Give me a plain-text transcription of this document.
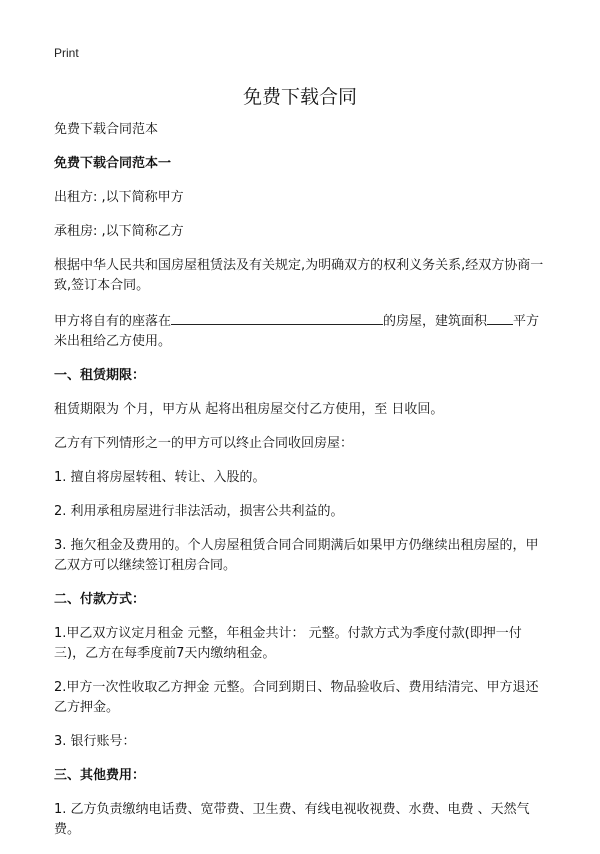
Print
免费下载合同

免费下载合同范本

免费下载合同范本一

出租方: ,以下简称甲方

承租房: ,以下简称乙方

根据中华人民共和国房屋租赁法及有关规定,为明确双方的权利义务关系,经双方协商一致,签订本合同。

甲方将自有的座落在	的房屋，建筑面积 平方米出租给乙方使用。

一、租赁期限：

租赁期限为 个月，甲方从 起将出租房屋交付乙方使用，至 日收回。

乙方有下列情形之一的甲方可以终止合同收回房屋：

1. 擅自将房屋转租、转让、入股的。

2. 利用承租房屋进行非法活动，损害公共利益的。

3. 拖欠租金及费用的。个人房屋租赁合同合同期满后如果甲方仍继续出租房屋的，甲乙双方可以继续签订租房合同。

二、付款方式：

1.甲乙双方议定月租金 元整，年租金共计： 元整。付款方式为季度付款(即押一付三)，乙方在每季度前7天内缴纳租金。

2.甲方一次性收取乙方押金 元整。合同到期日、物品验收后、费用结清完、甲方退还乙方押金。

3. 银行账号：

三、其他费用：

1. 乙方负责缴纳电话费、宽带费、卫生费、有线电视收视费、水费、电费 、天然气费。
